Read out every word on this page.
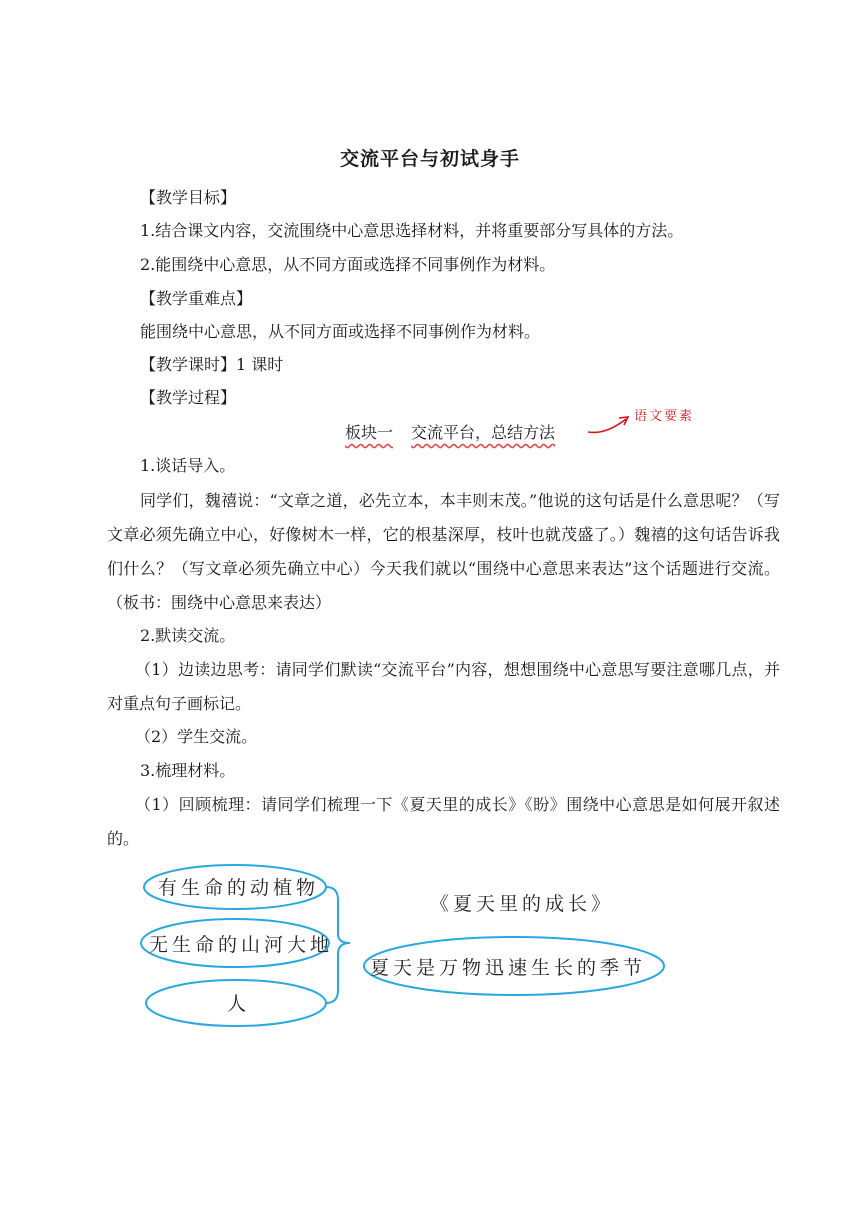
交流平台与初试身手
【教学目标】
1.结合课文内容，交流围绕中心意思选择材料，并将重要部分写具体的方法。
2.能围绕中心意思，从不同方面或选择不同事例作为材料。
【教学重难点】
能围绕中心意思，从不同方面或选择不同事例作为材料。
【教学课时】1 课时
【教学过程】
板块一 交流平台，总结方法
语文要素
1.谈话导入。
同学们，魏禧说：“文章之道，必先立本，本丰则末茂。”他说的这句话是什么意思呢？（写文章必须先确立中心，好像树木一样，它的根基深厚，枝叶也就茂盛了。）魏禧的这句话告诉我们什么？（写文章必须先确立中心）今天我们就以“围绕中心意思来表达”这个话题进行交流。（板书：围绕中心意思来表达）
2.默读交流。
（1）边读边思考：请同学们默读“交流平台”内容，想想围绕中心意思写要注意哪几点，并对重点句子画标记。
（2）学生交流。
3.梳理材料。
（1）回顾梳理：请同学们梳理一下《夏天里的成长》《盼》围绕中心意思是如何展开叙述的。
有生命的动植物
无生命的山河大地
人
《夏天里的成长》
夏天是万物迅速生长的季节
